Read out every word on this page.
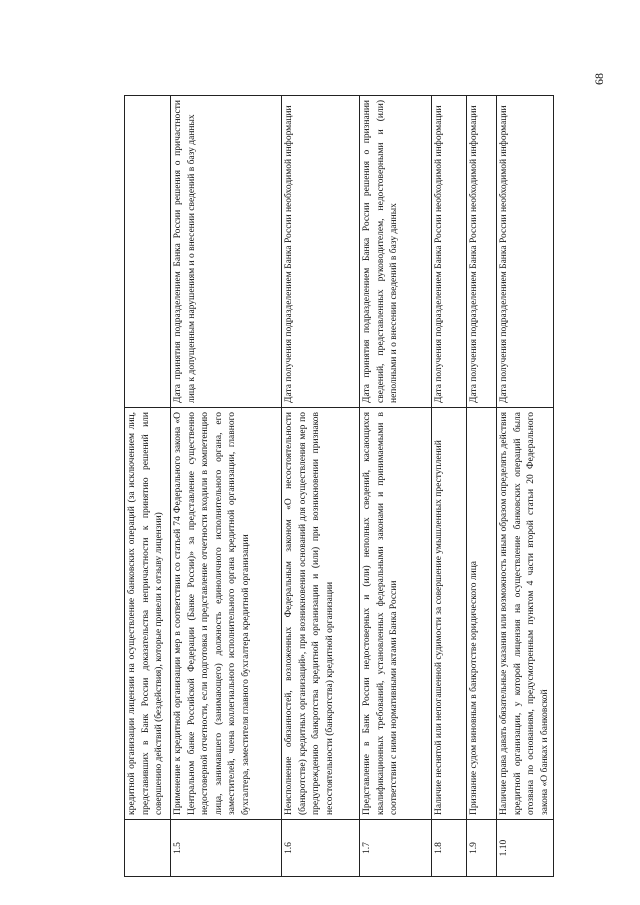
	кредитной организации лицензии на осуществление банковских операций (за исключением лиц, представивших в Банк России доказательства непричастности к принятию решений или совершению действий (бездействия), которые привели к отзыву лицензии)	
1.5	Применение к кредитной организации мер в соответствии со статьей 74 Федерального закона «О Центральном банке Российской Федерации (Банке России)» за представление существенно недостоверной отчетности, если подготовка и представление отчетности входили в компетенцию лица, занимавшего (занимающего) должность единоличного исполнительного органа, его заместителей, члена коллегиального исполнительного органа кредитной организации, главного бухгалтера, заместителя главного бухгалтера кредитной организации	Дата принятия подразделением Банка России решения о причастности лица к допущенным нарушениям и о внесении сведений в базу данных
1.6	Неисполнение обязанностей, возложенных Федеральным законом «О несостоятельности (банкротстве) кредитных организаций», при возникновении оснований для осуществления мер по предупреждению банкротства кредитной организации и (или) при возникновении признаков несостоятельности (банкротства) кредитной организации	Дата получения подразделением Банка России необходимой информации
1.7	Представление в Банк России недостоверных и (или) неполных сведений, касающихся квалификационных требований, установленных федеральными законами и принимаемыми в соответствии с ними нормативными актами Банка России	Дата принятия подразделением Банка России решения о признании сведений, представленных руководителем, недостоверными и (или) неполными и о внесении сведений в базу данных
1.8	Наличие неснятой или непогашенной судимости за совершение умышленных преступлений	Дата получения подразделением Банка России необходимой информации
1.9	Признание судом виновным в банкротстве юридического лица	Дата получения подразделением Банка России необходимой информации
1.10	Наличие права давать обязательные указания или возможность иным образом определять действия кредитной организации, у которой лицензия на осуществление банковских операций была отозвана по основаниям, предусмотренным пунктом 4 части второй статьи 20 Федерального закона «О банках и банковской	Дата получения подразделением Банка России необходимой информации
68
